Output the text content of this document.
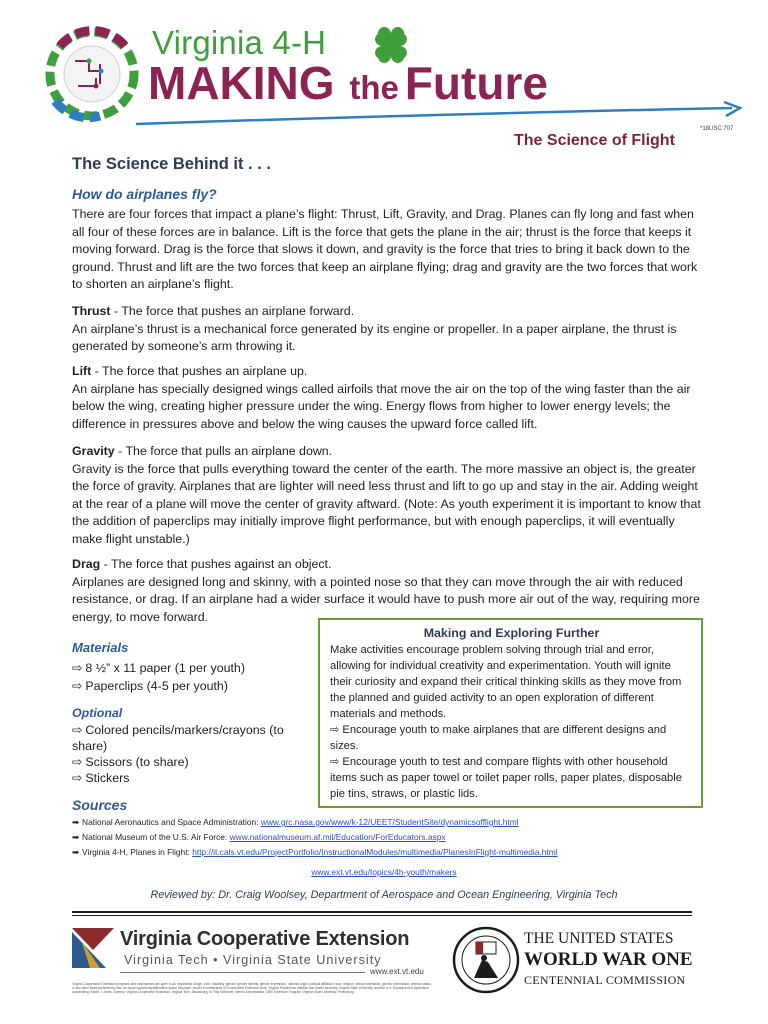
Virginia 4-H
MAKING the Future
*18USC 707
The Science of Flight
The Science Behind it . . .
How do airplanes fly?
There are four forces that impact a plane’s flight: Thrust, Lift, Gravity, and Drag. Planes can fly long and fast when all four of these forces are in balance. Lift is the force that gets the plane in the air; thrust is the force that keeps it moving forward. Drag is the force that slows it down, and gravity is the force that tries to bring it back down to the ground. Thrust and lift are the two forces that keep an airplane flying; drag and gravity are the two forces that work to shorten an airplane’s flight.
Thrust - The force that pushes an airplane forward.
An airplane’s thrust is a mechanical force generated by its engine or propeller. In a paper airplane, the thrust is generated by someone’s arm throwing it.
Lift - The force that pushes an airplane up.
An airplane has specially designed wings called airfoils that move the air on the top of the wing faster than the air below the wing, creating higher pressure under the wing. Energy flows from higher to lower energy levels; the difference in pressures above and below the wing causes the upward force called lift.
Gravity - The force that pulls an airplane down.
Gravity is the force that pulls everything toward the center of the earth. The more massive an object is, the greater the force of gravity. Airplanes that are lighter will need less thrust and lift to go up and stay in the air. Adding weight at the rear of a plane will move the center of gravity aftward. (Note: As youth experiment it is important to know that the addition of paperclips may initially improve flight performance, but with enough paperclips, it will eventually make flight unstable.)
Drag - The force that pushes against an object.
Airplanes are designed long and skinny, with a pointed nose so that they can move through the air with reduced resistance, or drag. If an airplane had a wider surface it would have to push more air out of the way, requiring more energy, to move forward.
Materials
⇨ 8 ½” x 11 paper (1 per youth)
⇨ Paperclips (4-5 per youth)
Optional
⇨ Colored pencils/markers/crayons (to share)
⇨ Scissors (to share)
⇨ Stickers
Making and Exploring Further
Make activities encourage problem solving through trial and error, allowing for individual creativity and experimentation. Youth will ignite their curiosity and expand their critical thinking skills as they move from the planned and guided activity to an open exploration of different materials and methods.
⇨ Encourage youth to make airplanes that are different designs and sizes.
⇨ Encourage youth to test and compare flights with other household items such as paper towel or toilet paper rolls, paper plates, disposable pie tins, straws, or plastic lids.
Sources
➡ National Aeronautics and Space Administration: www.grc.nasa.gov/www/k-12/UEET/StudentSite/dynamicsofflight.html
➡ National Museum of the U.S. Air Force: www.nationalmuseum.af.mil/Education/ForEducators.aspx
➡ Virginia 4-H, Planes in Flight: http://it.cals.vt.edu/ProjectPortfolio/InstructionalModules/multimedia/PlanesInFlight-multimedia.html
www.ext.vt.edu/topics/4h-youth/makers
Reviewed by: Dr. Craig Woolsey, Department of Aerospace and Ocean Engineering, Virginia Tech
Virginia Cooperative Extension
Virginia Tech • Virginia State University
www.ext.vt.edu
Virginia Cooperative Extension programs and employment are open to all, regardless of age, color, disability, gender, gender identity, gender expression, national origin, political affiliation, race, religion, sexual orientation, genetic information, veteran status, or any other basis protected by law. An equal opportunity/affirmative action employer. Issued in furtherance of Cooperative Extension work, Virginia Polytechnic Institute and State University, Virginia State University, and the U.S. Department of Agriculture cooperating. Edwin J. Jones, Director, Virginia Cooperative Extension, Virginia Tech, Blacksburg; M. Ray McKinnie, Interim Administrator, 1890 Extension Program, Virginia State University, Petersburg.
THE UNITED STATES
WORLD WAR ONE
CENTENNIAL COMMISSION
